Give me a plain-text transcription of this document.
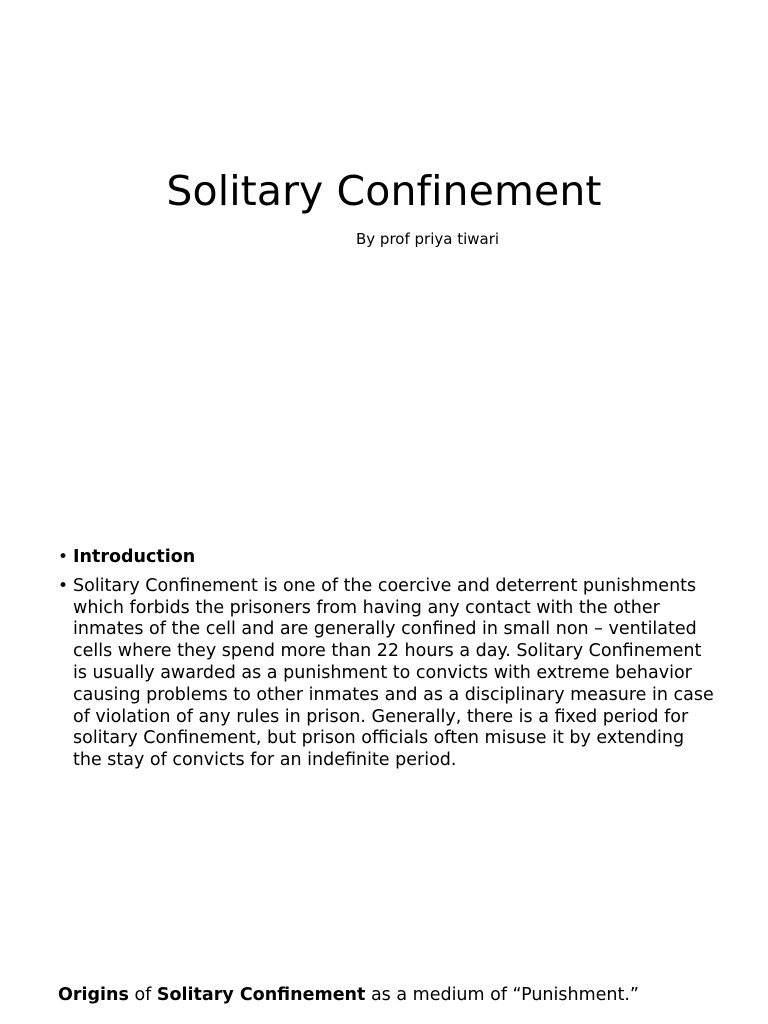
Solitary Confinement
By prof priya tiwari
• Introduction
• Solitary Confinement is one of the coercive and deterrent punishments which forbids the prisoners from having any contact with the other inmates of the cell and are generally confined in small non – ventilated cells where they spend more than 22 hours a day. Solitary Confinement is usually awarded as a punishment to convicts with extreme behavior causing problems to other inmates and as a disciplinary measure in case of violation of any rules in prison. Generally, there is a fixed period for solitary Confinement, but prison officials often misuse it by extending the stay of convicts for an indefinite period.
Origins of Solitary Confinement as a medium of “Punishment.”
